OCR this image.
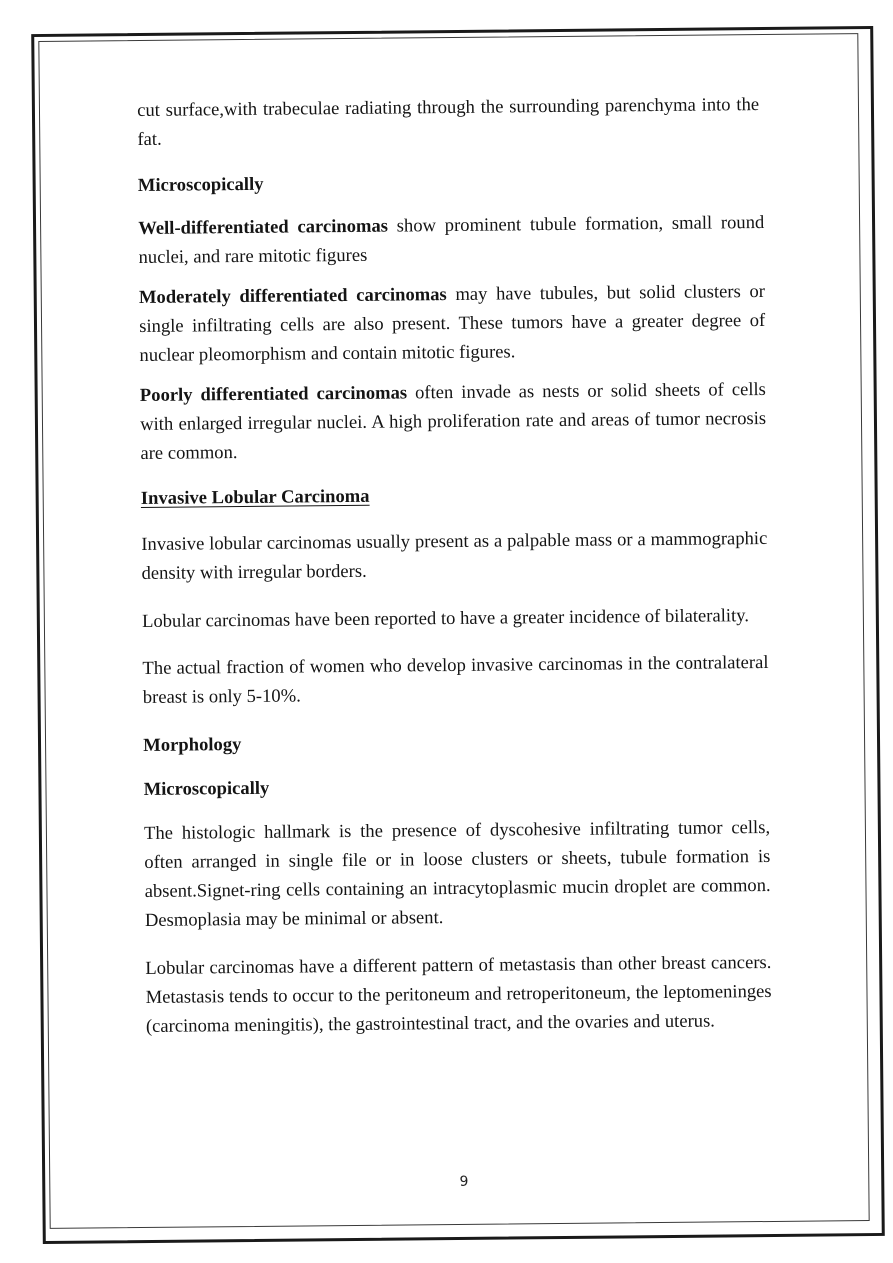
cut surface,with trabeculae radiating through the surrounding parenchyma into the fat.

Microscopically

Well-differentiated carcinomas show prominent tubule formation, small round nuclei, and rare mitotic figures

Moderately differentiated carcinomas may have tubules, but solid clusters or single infiltrating cells are also present. These tumors have a greater degree of nuclear pleomorphism and contain mitotic figures.

Poorly differentiated carcinomas often invade as nests or solid sheets of cells with enlarged irregular nuclei. A high proliferation rate and areas of tumor necrosis are common.

Invasive Lobular Carcinoma

Invasive lobular carcinomas usually present as a palpable mass or a mammographic density with irregular borders.

Lobular carcinomas have been reported to have a greater incidence of bilaterality.

The actual fraction of women who develop invasive carcinomas in the contralateral breast is only 5-10%.

Morphology

Microscopically

The histologic hallmark is the presence of dyscohesive infiltrating tumor cells, often arranged in single file or in loose clusters or sheets, tubule formation is absent.Signet-ring cells containing an intracytoplasmic mucin droplet are common. Desmoplasia may be minimal or absent.

Lobular carcinomas have a different pattern of metastasis than other breast cancers. Metastasis tends to occur to the peritoneum and retroperitoneum, the leptomeninges (carcinoma meningitis), the gastrointestinal tract, and the ovaries and uterus.

9
